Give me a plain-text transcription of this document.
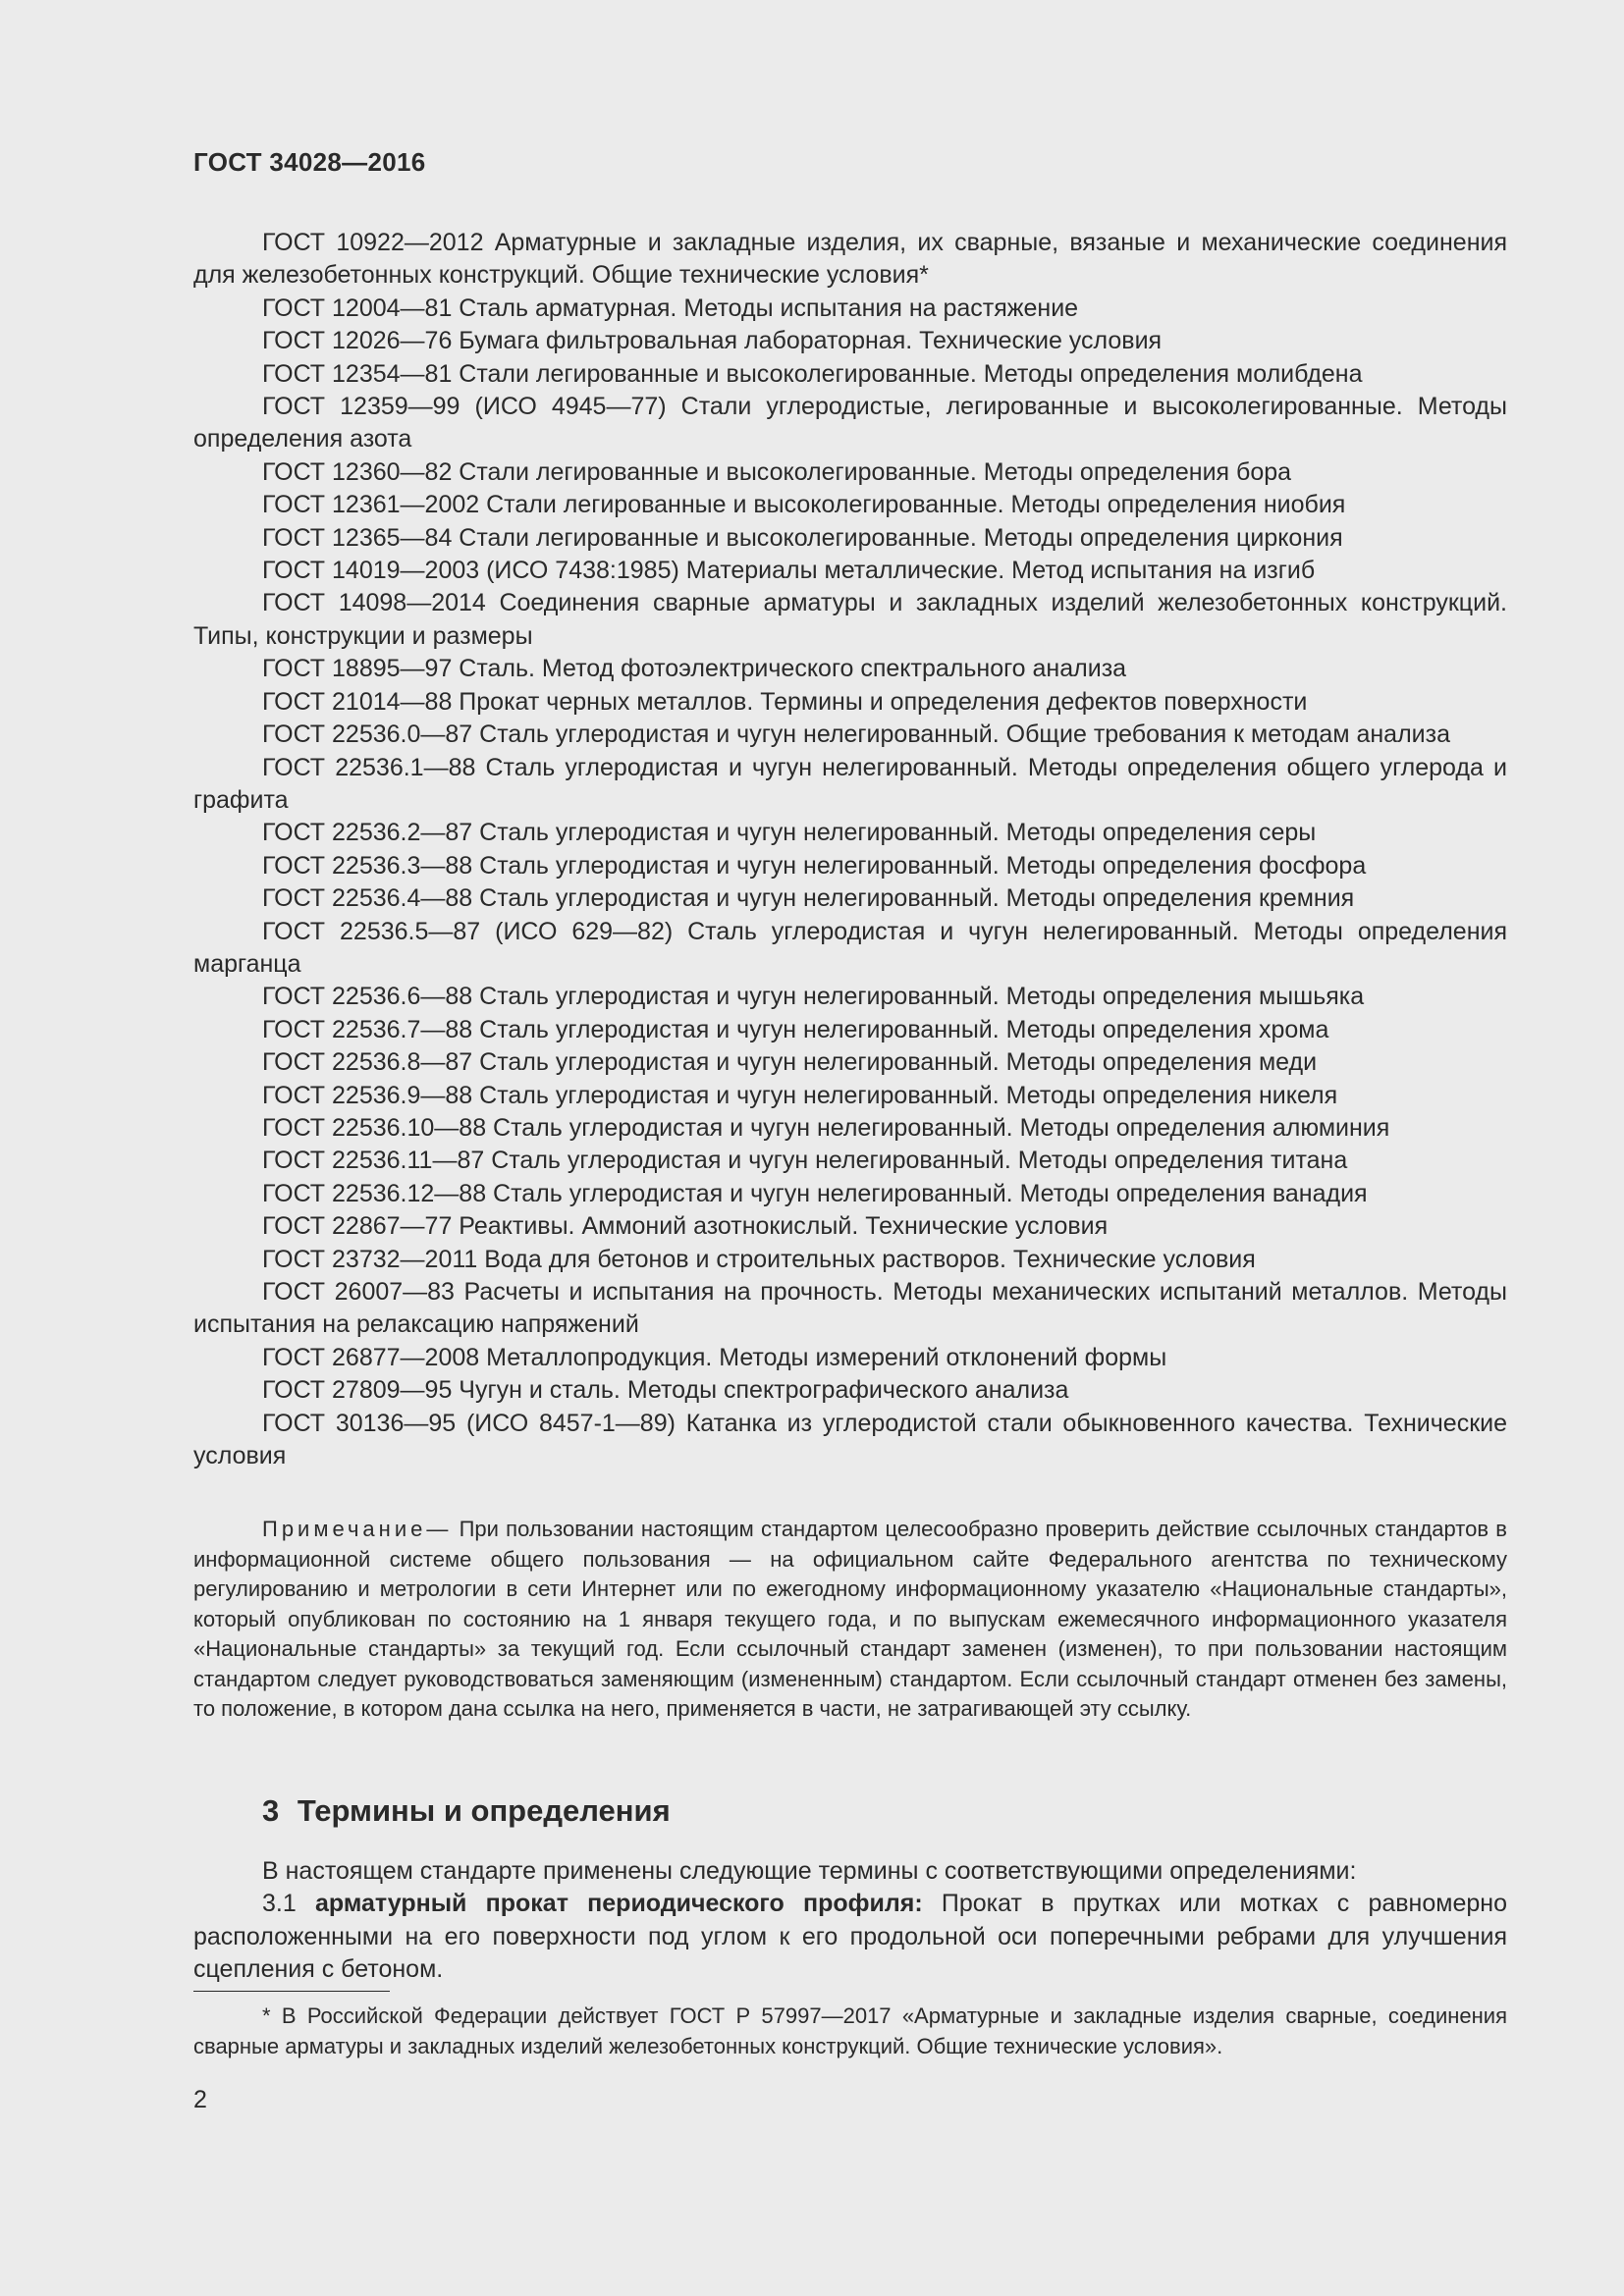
ГОСТ 34028—2016
ГОСТ 10922—2012 Арматурные и закладные изделия, их сварные, вязаные и механические соединения для железобетонных конструкций. Общие технические условия*
ГОСТ 12004—81 Сталь арматурная. Методы испытания на растяжение
ГОСТ 12026—76 Бумага фильтровальная лабораторная. Технические условия
ГОСТ 12354—81 Стали легированные и высоколегированные. Методы определения молибдена
ГОСТ 12359—99 (ИСО 4945—77) Стали углеродистые, легированные и высоколегированные. Методы определения азота
ГОСТ 12360—82 Стали легированные и высоколегированные. Методы определения бора
ГОСТ 12361—2002 Стали легированные и высоколегированные. Методы определения ниобия
ГОСТ 12365—84 Стали легированные и высоколегированные. Методы определения циркония
ГОСТ 14019—2003 (ИСО 7438:1985) Материалы металлические. Метод испытания на изгиб
ГОСТ 14098—2014 Соединения сварные арматуры и закладных изделий железобетонных конструкций. Типы, конструкции и размеры
ГОСТ 18895—97 Сталь. Метод фотоэлектрического спектрального анализа
ГОСТ 21014—88 Прокат черных металлов. Термины и определения дефектов поверхности
ГОСТ 22536.0—87 Сталь углеродистая и чугун нелегированный. Общие требования к методам анализа
ГОСТ 22536.1—88 Сталь углеродистая и чугун нелегированный. Методы определения общего углерода и графита
ГОСТ 22536.2—87 Сталь углеродистая и чугун нелегированный. Методы определения серы
ГОСТ 22536.3—88 Сталь углеродистая и чугун нелегированный. Методы определения фосфора
ГОСТ 22536.4—88 Сталь углеродистая и чугун нелегированный. Методы определения кремния
ГОСТ 22536.5—87 (ИСО 629—82) Сталь углеродистая и чугун нелегированный. Методы определения марганца
ГОСТ 22536.6—88 Сталь углеродистая и чугун нелегированный. Методы определения мышьяка
ГОСТ 22536.7—88 Сталь углеродистая и чугун нелегированный. Методы определения хрома
ГОСТ 22536.8—87 Сталь углеродистая и чугун нелегированный. Методы определения меди
ГОСТ 22536.9—88 Сталь углеродистая и чугун нелегированный. Методы определения никеля
ГОСТ 22536.10—88 Сталь углеродистая и чугун нелегированный. Методы определения алюминия
ГОСТ 22536.11—87 Сталь углеродистая и чугун нелегированный. Методы определения титана
ГОСТ 22536.12—88 Сталь углеродистая и чугун нелегированный. Методы определения ванадия
ГОСТ 22867—77 Реактивы. Аммоний азотнокислый. Технические условия
ГОСТ 23732—2011 Вода для бетонов и строительных растворов. Технические условия
ГОСТ 26007—83 Расчеты и испытания на прочность. Методы механических испытаний металлов. Методы испытания на релаксацию напряжений
ГОСТ 26877—2008 Металлопродукция. Методы измерений отклонений формы
ГОСТ 27809—95 Чугун и сталь. Методы спектрографического анализа
ГОСТ 30136—95 (ИСО 8457-1—89) Катанка из углеродистой стали обыкновенного качества. Технические условия
Примечание— При пользовании настоящим стандартом целесообразно проверить действие ссылочных стандартов в информационной системе общего пользования — на официальном сайте Федерального агентства по техническому регулированию и метрологии в сети Интернет или по ежегодному информационному указателю «Национальные стандарты», который опубликован по состоянию на 1 января текущего года, и по выпускам ежемесячного информационного указателя «Национальные стандарты» за текущий год. Если ссылочный стандарт заменен (изменен), то при пользовании настоящим стандартом следует руководствоваться заменяющим (измененным) стандартом. Если ссылочный стандарт отменен без замены, то положение, в котором дана ссылка на него, применяется в части, не затрагивающей эту ссылку.
3 Термины и определения
В настоящем стандарте применены следующие термины с соответствующими определениями:
3.1 арматурный прокат периодического профиля: Прокат в прутках или мотках с равномерно расположенными на его поверхности под углом к его продольной оси поперечными ребрами для улучшения сцепления с бетоном.
* В Российской Федерации действует ГОСТ Р 57997—2017 «Арматурные и закладные изделия сварные, соединения сварные арматуры и закладных изделий железобетонных конструкций. Общие технические условия».
2
